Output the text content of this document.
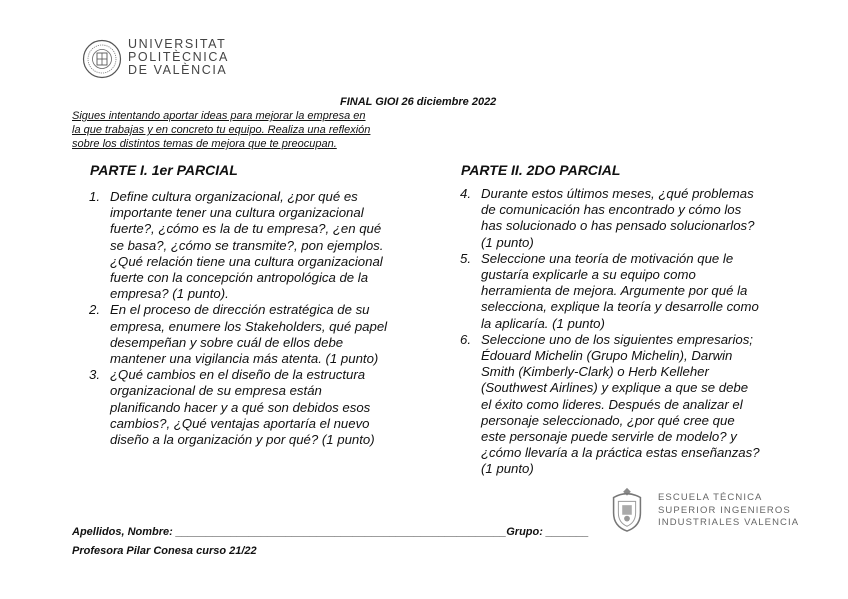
UNIVERSITAT
POLITÈCNICA
DE VALÈNCIA
FINAL GIOI 26 diciembre 2022
Sigues intentando aportar ideas para mejorar la empresa en
la que trabajas y en concreto tu equipo. Realiza una reflexión
sobre los distintos temas de mejora que te preocupan.
PARTE I. 1er PARCIAL	PARTE II. 2DO PARCIAL
1. Define cultura organizacional, ¿por qué es
importante tener una cultura organizacional
fuerte?, ¿cómo es la de tu empresa?, ¿en qué
se basa?, ¿cómo se transmite?, pon ejemplos.
¿Qué relación tiene una cultura organizacional
fuerte con la concepción antropológica de la
empresa? (1 punto).
2. En el proceso de dirección estratégica de su
empresa, enumere los Stakeholders, qué papel
desempeñan y sobre cuál de ellos debe
mantener una vigilancia más atenta. (1 punto)
3. ¿Qué cambios en el diseño de la estructura
organizacional de su empresa están
planificando hacer y a qué son debidos esos
cambios?, ¿Qué ventajas aportaría el nuevo
diseño a la organización y por qué? (1 punto)
4. Durante estos últimos meses, ¿qué problemas
de comunicación has encontrado y cómo los
has solucionado o has pensado solucionarlos?
(1 punto)
5. Seleccione una teoría de motivación que le
gustaría explicarle a su equipo como
herramienta de mejora. Argumente por qué la
selecciona, explique la teoría y desarrolle como
la aplicaría. (1 punto)
6. Seleccione uno de los siguientes empresarios;
Édouard Michelin (Grupo Michelin), Darwin
Smith (Kimberly-Clark) o Herb Kelleher
(Southwest Airlines) y explique a que se debe
el éxito como lideres. Después de analizar el
personaje seleccionado, ¿por qué cree que
este personaje puede servirle de modelo? y
¿cómo llevaría a la práctica estas enseñanzas?
(1 punto)
ESCUELA TÉCNICA
SUPERIOR INGENIEROS
INDUSTRIALES VALENCIA
Apellidos, Nombre: ______________________________________________________Grupo: _______
Profesora Pilar Conesa curso 21/22
